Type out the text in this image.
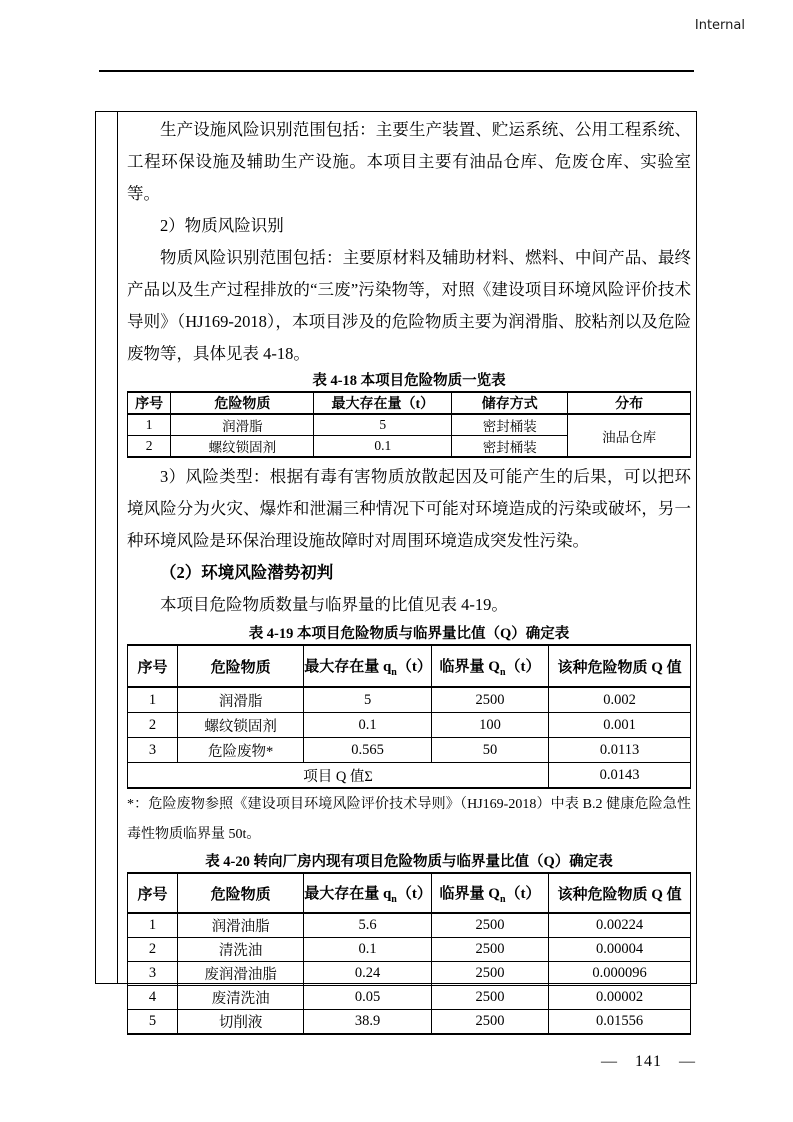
Internal

生产设施风险识别范围包括：主要生产装置、贮运系统、公用工程系统、工程环保设施及辅助生产设施。本项目主要有油品仓库、危废仓库、实验室等。

2）物质风险识别

物质风险识别范围包括：主要原材料及辅助材料、燃料、中间产品、最终产品以及生产过程排放的“三废”污染物等，对照《建设项目环境风险评价技术导则》（HJ169-2018），本项目涉及的危险物质主要为润滑脂、胶粘剂以及危险废物等，具体见表 4-18。

表 4-18 本项目危险物质一览表

序号	危险物质	最大存在量（t）	储存方式	分布
1	润滑脂	5	密封桶装	油品仓库
2	螺纹锁固剂	0.1	密封桶装	

3）风险类型：根据有毒有害物质放散起因及可能产生的后果，可以把环境风险分为火灾、爆炸和泄漏三种情况下可能对环境造成的污染或破坏，另一种环境风险是环保治理设施故障时对周围环境造成突发性污染。

（2）环境风险潜势初判

本项目危险物质数量与临界量的比值见表 4-19。

表 4-19 本项目危险物质与临界量比值（Q）确定表

序号	危险物质	最大存在量 $q_n(t)$	临界量 $Q_n(t)$	该种危险物质 Q 值
1	润滑脂	5	2500	0.002
2	螺纹锁固剂	0.1	100	0.001
3	危险废物*	0.565	50	0.0113
项目 Q 值Σ				0.0143

*：危险废物参照《建设项目环境风险评价技术导则》（HJ169-2018）中表 B.2 健康危险急性毒性物质临界量 50t。

表 4-20 转向厂房内现有项目危险物质与临界量比值（Q）确定表

序号	危险物质	最大存在量 $q_n(t)$	临界量 $Q_n(t)$	该种危险物质 Q 值
1	润滑油脂	5.6	2500	0.00224
2	清洗油	0.1	2500	0.00004
3	废润滑油脂	0.24	2500	0.000096
4	废清洗油	0.05	2500	0.00002
5	切削液	38.9	2500	0.01556
— 141 —
